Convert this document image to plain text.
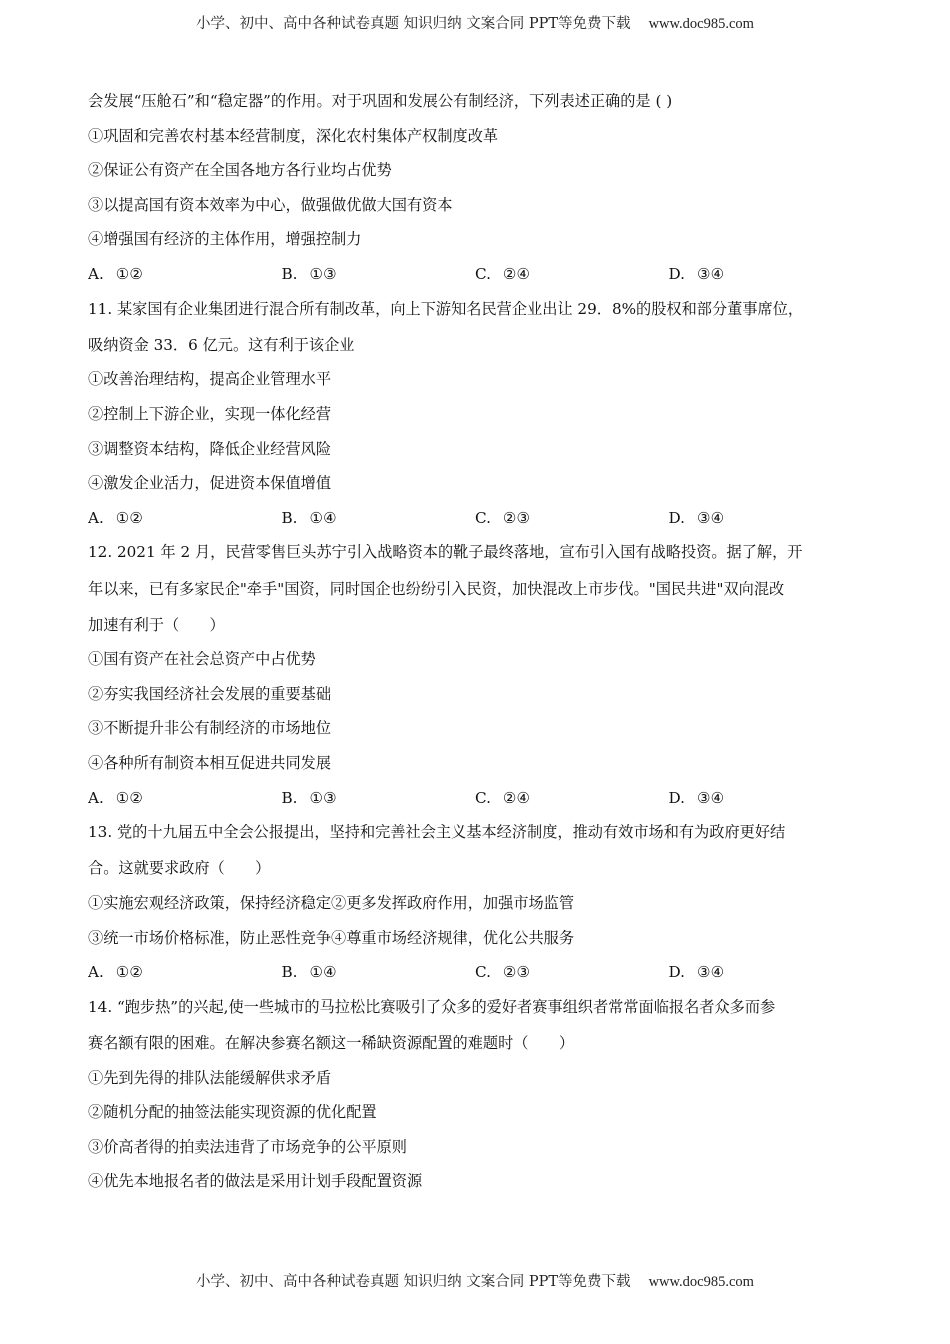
小学、初中、高中各种试卷真题 知识归纳 文案合同 PPT等免费下载 www.doc985.com
会发展“压舱石”和“稳定器”的作用。对于巩固和发展公有制经济，下列表述正确的是 ( )
①巩固和完善农村基本经营制度，深化农村集体产权制度改革
②保证公有资产在全国各地方各行业均占优势
③以提高国有资本效率为中心，做强做优做大国有资本
④增强国有经济的主体作用，增强控制力
A. ①②	B. ①③	C. ②④	D. ③④
11. 某家国有企业集团进行混合所有制改革，向上下游知名民营企业出让 29．8%的股权和部分董事席位，
吸纳资金 33．6 亿元。这有利于该企业
①改善治理结构，提高企业管理水平
②控制上下游企业，实现一体化经营
③调整资本结构，降低企业经营风险
④激发企业活力，促进资本保值增值
A. ①②	B. ①④	C. ②③	D. ③④
12. 2021 年 2 月，民营零售巨头苏宁引入战略资本的靴子最终落地，宣布引入国有战略投资。据了解，开
年以来，已有多家民企"牵手"国资，同时国企也纷纷引入民资，加快混改上市步伐。"国民共进"双向混改
加速有利于（　　）
①国有资产在社会总资产中占优势
②夯实我国经济社会发展的重要基础
③不断提升非公有制经济的市场地位
④各种所有制资本相互促进共同发展
A. ①②	B. ①③	C. ②④	D. ③④
13. 党的十九届五中全会公报提出，坚持和完善社会主义基本经济制度，推动有效市场和有为政府更好结
合。这就要求政府（　　）
①实施宏观经济政策，保持经济稳定②更多发挥政府作用，加强市场监管
③统一市场价格标准，防止恶性竞争④尊重市场经济规律，优化公共服务
A. ①②	B. ①④	C. ②③	D. ③④
14. “跑步热”的兴起,使一些城市的马拉松比赛吸引了众多的爱好者赛事组织者常常面临报名者众多而参
赛名额有限的困难。在解决参赛名额这一稀缺资源配置的难题时（　　）
①先到先得的排队法能缓解供求矛盾
②随机分配的抽签法能实现资源的优化配置
③价高者得的拍卖法违背了市场竞争的公平原则
④优先本地报名者的做法是采用计划手段配置资源
小学、初中、高中各种试卷真题 知识归纳 文案合同 PPT等免费下载 www.doc985.com
